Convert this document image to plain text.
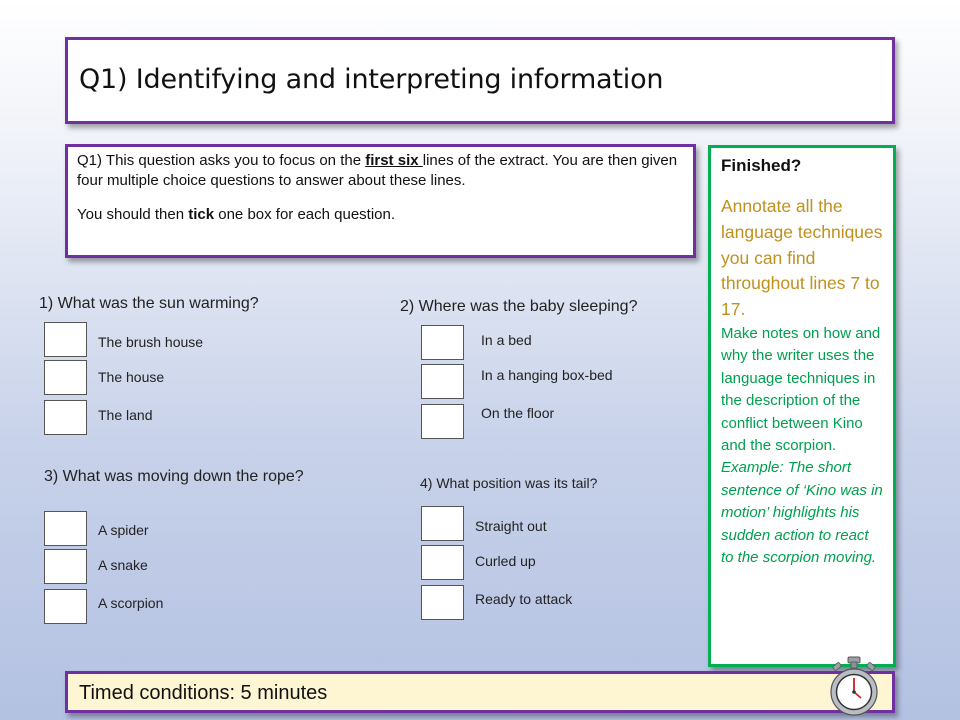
Q1) Identifying and interpreting information

Q1) This question asks you to focus on the first six lines of the extract. You are then given four multiple choice questions to answer about these lines.

You should then tick one box for each question.

1) What was the sun warming?
The brush house
The house
The land
2) Where was the baby sleeping?
In a bed
In a hanging box-bed
On the floor
3) What was moving down the rope?
A spider
A snake
A scorpion
4) What position was its tail?
Straight out
Curled up
Ready to attack
Finished?

Annotate all the language techniques you can find throughout lines 7 to 17.

Make notes on how and why the writer uses the language techniques in the description of the conflict between Kino and the scorpion.

Example: The short sentence of ‘Kino was in motion’ highlights his sudden action to react to the scorpion moving.

Timed conditions: 5 minutes
